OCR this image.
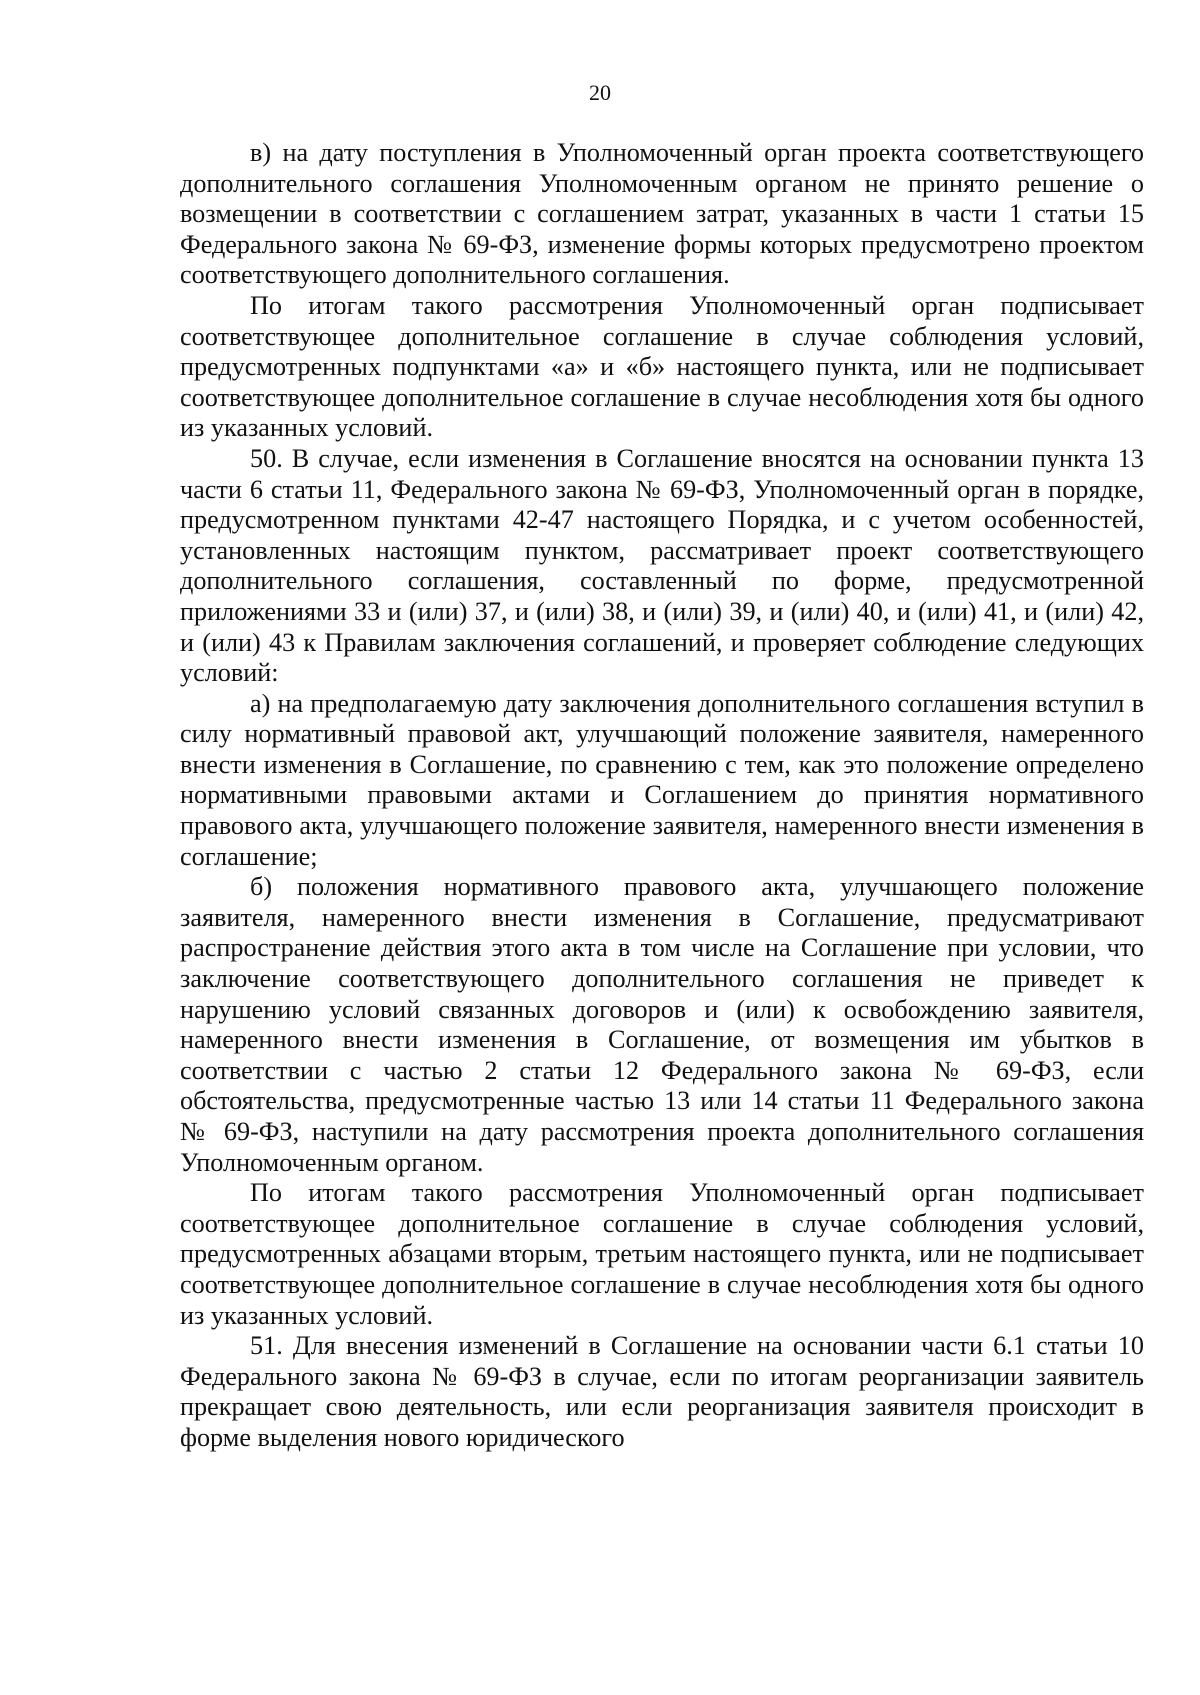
20

в) на дату поступления в Уполномоченный орган проекта соответствующего дополнительного соглашения Уполномоченным органом не принято решение о возмещении в соответствии с соглашением затрат, указанных в части 1 статьи 15 Федерального закона № 69-ФЗ, изменение формы которых предусмотрено проектом соответствующего дополнительного соглашения.

По итогам такого рассмотрения Уполномоченный орган подписывает соответствующее дополнительное соглашение в случае соблюдения условий, предусмотренных подпунктами «а» и «б» настоящего пункта, или не подписывает соответствующее дополнительное соглашение в случае несоблюдения хотя бы одного из указанных условий.

50. В случае, если изменения в Соглашение вносятся на основании пункта 13 части 6 статьи 11, Федерального закона № 69-ФЗ, Уполномоченный орган в порядке, предусмотренном пунктами 42-47 настоящего Порядка, и с учетом особенностей, установленных настоящим пунктом, рассматривает проект соответствующего дополнительного соглашения, составленный по форме, предусмотренной приложениями 33 и (или) 37, и (или) 38, и (или) 39, и (или) 40, и (или) 41, и (или) 42, и (или) 43 к Правилам заключения соглашений, и проверяет соблюдение следующих условий:

а) на предполагаемую дату заключения дополнительного соглашения вступил в силу нормативный правовой акт, улучшающий положение заявителя, намеренного внести изменения в Соглашение, по сравнению с тем, как это положение определено нормативными правовыми актами и Соглашением до принятия нормативного правового акта, улучшающего положение заявителя, намеренного внести изменения в соглашение;

б) положения нормативного правового акта, улучшающего положение заявителя, намеренного внести изменения в Соглашение, предусматривают распространение действия этого акта в том числе на Соглашение при условии, что заключение соответствующего дополнительного соглашения не приведет к нарушению условий связанных договоров и (или) к освобождению заявителя, намеренного внести изменения в Соглашение, от возмещения им убытков в соответствии с частью 2 статьи 12 Федерального закона № 69-ФЗ, если обстоятельства, предусмотренные частью 13 или 14 статьи 11 Федерального закона № 69-ФЗ, наступили на дату рассмотрения проекта дополнительного соглашения Уполномоченным органом.

По итогам такого рассмотрения Уполномоченный орган подписывает соответствующее дополнительное соглашение в случае соблюдения условий, предусмотренных абзацами вторым, третьим настоящего пункта, или не подписывает соответствующее дополнительное соглашение в случае несоблюдения хотя бы одного из указанных условий.

51. Для внесения изменений в Соглашение на основании части 6.1 статьи 10 Федерального закона № 69-ФЗ в случае, если по итогам реорганизации заявитель прекращает свою деятельность, или если реорганизация заявителя происходит в форме выделения нового юридического
